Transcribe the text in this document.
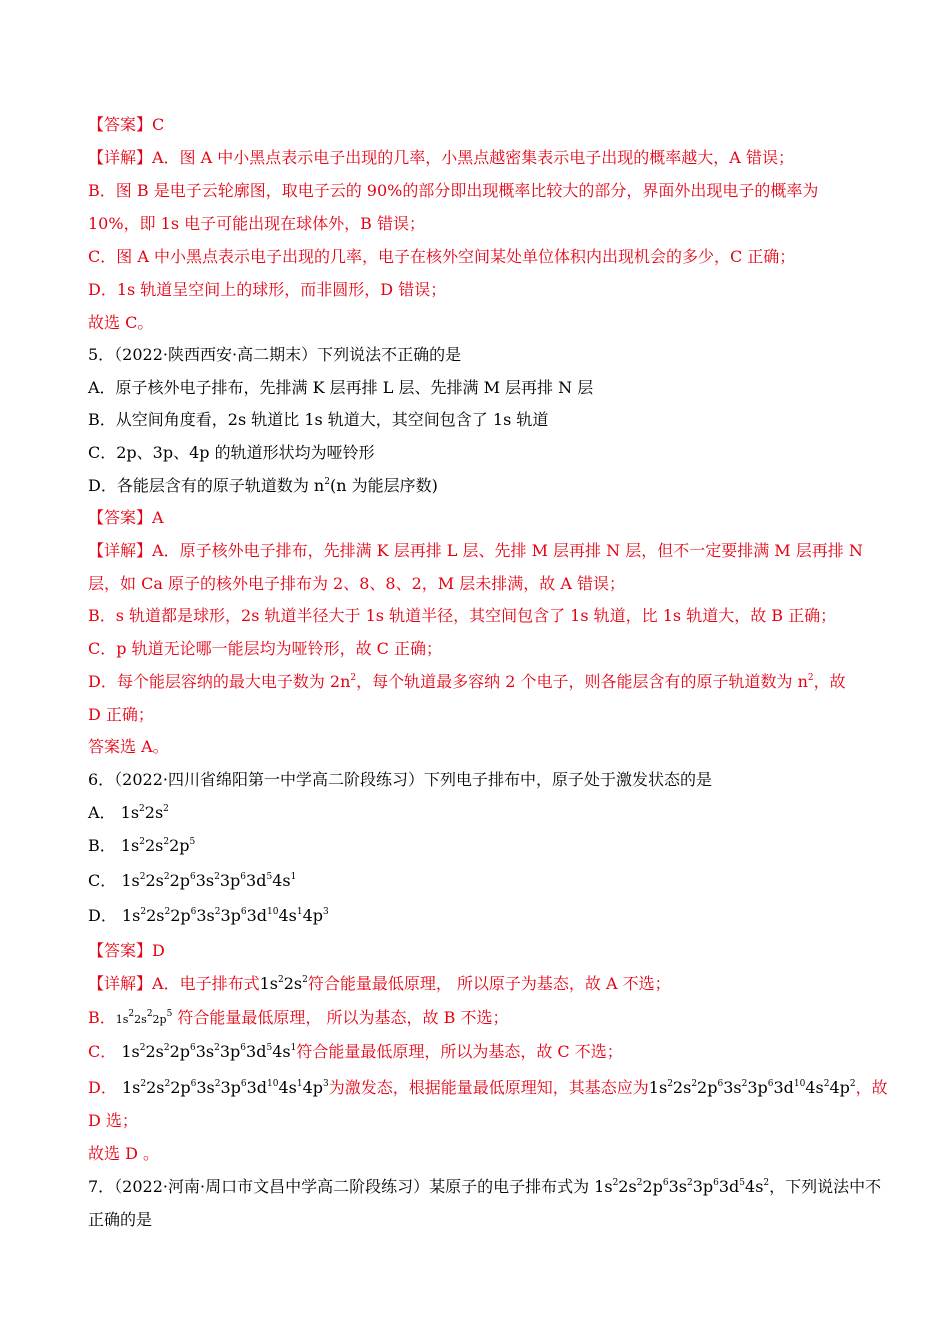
【答案】C
【详解】A．图 A 中小黑点表示电子出现的几率，小黑点越密集表示电子出现的概率越大，A 错误；
B．图 B 是电子云轮廓图，取电子云的 90%的部分即出现概率比较大的部分，界面外出现电子的概率为
10%，即 1s 电子可能出现在球体外，B 错误；
C．图 A 中小黑点表示电子出现的几率，电子在核外空间某处单位体积内出现机会的多少，C 正确；
D．1s 轨道呈空间上的球形，而非圆形，D 错误；
故选 C。
5．（2022·陕西西安·高二期末）下列说法不正确的是
A．原子核外电子排布，先排满 K 层再排 L 层、先排满 M 层再排 N 层
B．从空间角度看，2s 轨道比 1s 轨道大，其空间包含了 1s 轨道
C．2p、3p、4p 的轨道形状均为哑铃形
D．各能层含有的原子轨道数为 $n^2(n$ 为能层序数)
【答案】A
【详解】A．原子核外电子排布，先排满 K 层再排 L 层、先排 M 层再排 N 层，但不一定要排满 M 层再排 N
层，如 Ca 原子的核外电子排布为 2、8、8、2，M 层未排满，故 A 错误；
B．s 轨道都是球形，2s 轨道半径大于 1s 轨道半径，其空间包含了 1s 轨道，比 1s 轨道大，故 B 正确；
C．p 轨道无论哪一能层均为哑铃形，故 C 正确；
D．每个能层容纳的最大电子数为 $2n^2$，每个轨道最多容纳 2 个电子，则各能层含有的原子轨道数为 $n^2$，故
D 正确；
答案选 A。
6．（2022·四川省绵阳第一中学高二阶段练习）下列电子排布中，原子处于激发状态的是
A． $1s^22s^2$
B． $1s^22s^22p^5$
C． $1s^22s^22p^63s^23p^63d^54s^1$
D． $1s^22s^22p^63s^23p^63d^{10}4s^14p^3$
【答案】D
【详解】A．电子排布式$1s^22s^2$符合能量最低原理， 所以原子为基态，故 A 不选；
B．$1s^22s^22p^5$ 符合能量最低原理， 所以为基态，故 B 不选；
C． $1s^22s^22p^63s^23p^63d^54s^1$符合能量最低原理，所以为基态，故 C 不选；
D． $1s^22s^22p^63s^23p^63d^{10}4s^14p^3$为激发态，根据能量最低原理知，其基态应为$1s^22s^22p^63s^23p^63d^{10}4s^24p^2$，故
D 选；
故选 D 。
7．（2022·河南·周口市文昌中学高二阶段练习）某原子的电子排布式为 $1s^22s^22p^63s^23p^63d^54s^2$，下列说法中不
正确的是
